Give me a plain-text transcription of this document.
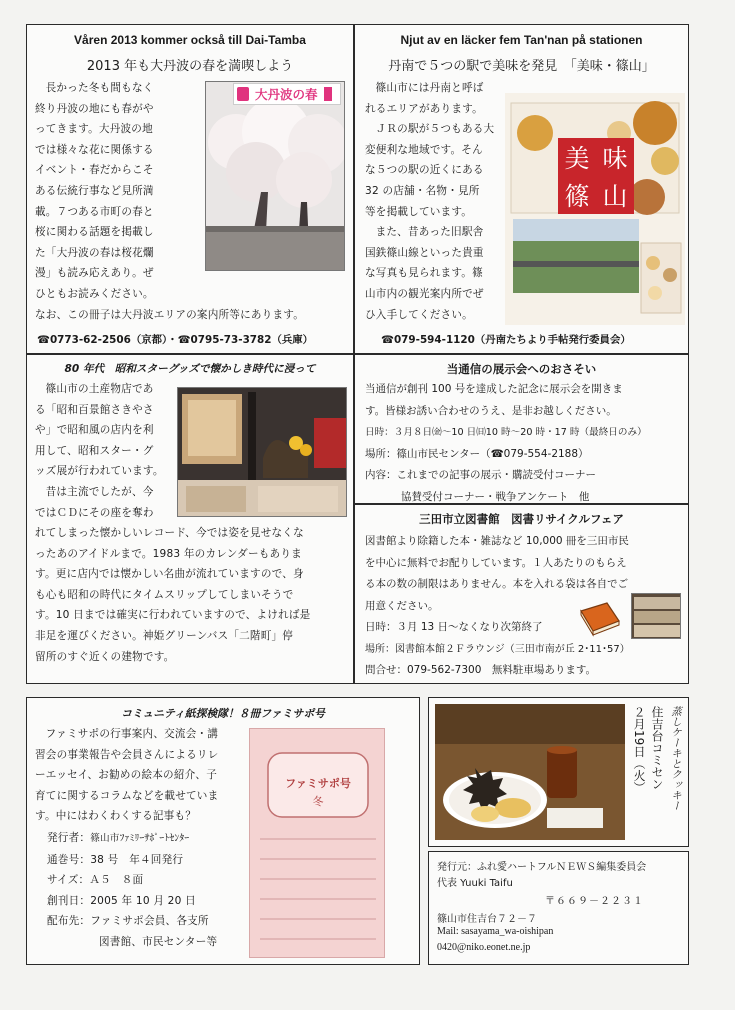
Våren 2013 kommer också till Dai-Tamba
2013 年も大丹波の春を満喫しよう

長かった冬も間もなく

終り丹波の地にも春がや

ってきます。大丹波の地

では様々な花に関係する

イベント・春だからこそ

ある伝統行事など見所満

載。７つある市町の春と

桜に関わる話題を掲載し

た「大丹波の春は桜花爛

漫」も読み応えあり。ぜ

ひともお読みください。

なお、この冊子は大丹波エリアの案内所等にあります。
☎0773-62-2506（京都）・☎0795-73-3782（兵庫）
大丹波の春
Njut av en läcker fem Tan'nan på stationen
丹南で５つの駅で美味を発見　「美味・篠山」

篠山市には丹南と呼ば

れるエリアがあります。

ＪＲの駅が５つもある大

変便利な地域です。そん

な５つの駅の近くにある

32 の店舗・名物・見所

等を掲載しています。

また、昔あった旧駅舎

国鉄篠山線といった貴重

な写真も見られます。篠

山市内の観光案内所でぜ

ひ入手してください。

☎079-594-1120（丹南たちより手帖発行委員会）
美 味
篠 山
80 年代　昭和スターグッズで懐かしき時代に浸って

篠山市の土産物店であ

る「昭和百景館さきやさ

や」で昭和風の店内を利

用して、昭和スター・グ

ッズ展が行われています。

昔は主流でしたが、今

ではＣＤにその座を奪わ

れてしまった懐かしいレコード、今では姿を見せなくな

ったあのアイドルまで。1983 年のカレンダーもありま

す。更に店内では懐かしい名曲が流れていますので、身

も心も昭和の時代にタイムスリップしてしまいそうで

す。10 日までは確実に行われていますので、よければ是

非足を運びください。神姫グリーンバス「二階町」停

留所のすぐ近くの建物です。

当通信の展示会へのおさそい

当通信が創刊 100 号を達成した記念に展示会を開きま

す。皆様お誘い合わせのうえ、是非お越しください。

日時：３月８日㈮～10 日㈰10 時～20 時・17 時（最終日のみ）

場所：篠山市民センター（☎079-554-2188）

内容：これまでの記事の展示・購読受付コーナー

協賛受付コーナー・戦争アンケート　他

三田市立図書館　図書リサイクルフェア

図書館より除籍した本・雑誌など 10,000 冊を三田市民

を中心に無料でお配りしています。１人あたりのもらえ

る本の数の制限はありません。本を入れる袋は各自でご

用意ください。

日時：３月 13 日～なくなり次第終了

場所：図書館本館２Ｆラウンジ（三田市南が丘 2･11･57）

問合せ：079-562-7300　無料駐車場あります。

コミュニティ紙探検隊！８冊ファミサポ号

ファミサポの行事案内、交流会・講

習会の事業報告や会員さんによるリレ

ーエッセイ、お勧めの絵本の紹介、子

育てに関するコラムなどを載せていま

す。中にはわくわくする記事も？

発行者：篠山市ﾌｧﾐﾘｰｻﾎﾟｰﾄｾﾝﾀｰ

通巻号：38 号　年４回発行

サイズ：Ａ５　８面

創刊日：2005 年 10 月 20 日

配布先：ファミサポ会員、各支所

図書館、市民センター等

ファミサポ号
冬
２月19日（火） 住吉台コミセン 蒸しケーキとクッキー
発行元：ふれ愛ハートフルＮＥＷＳ編集委員会
代表 Yuuki Taifu
〒６６９－２２３１
篠山市住吉台７２－７
Mail: sasayama_wa-oishipan
0420@niko.eonet.ne.jp
